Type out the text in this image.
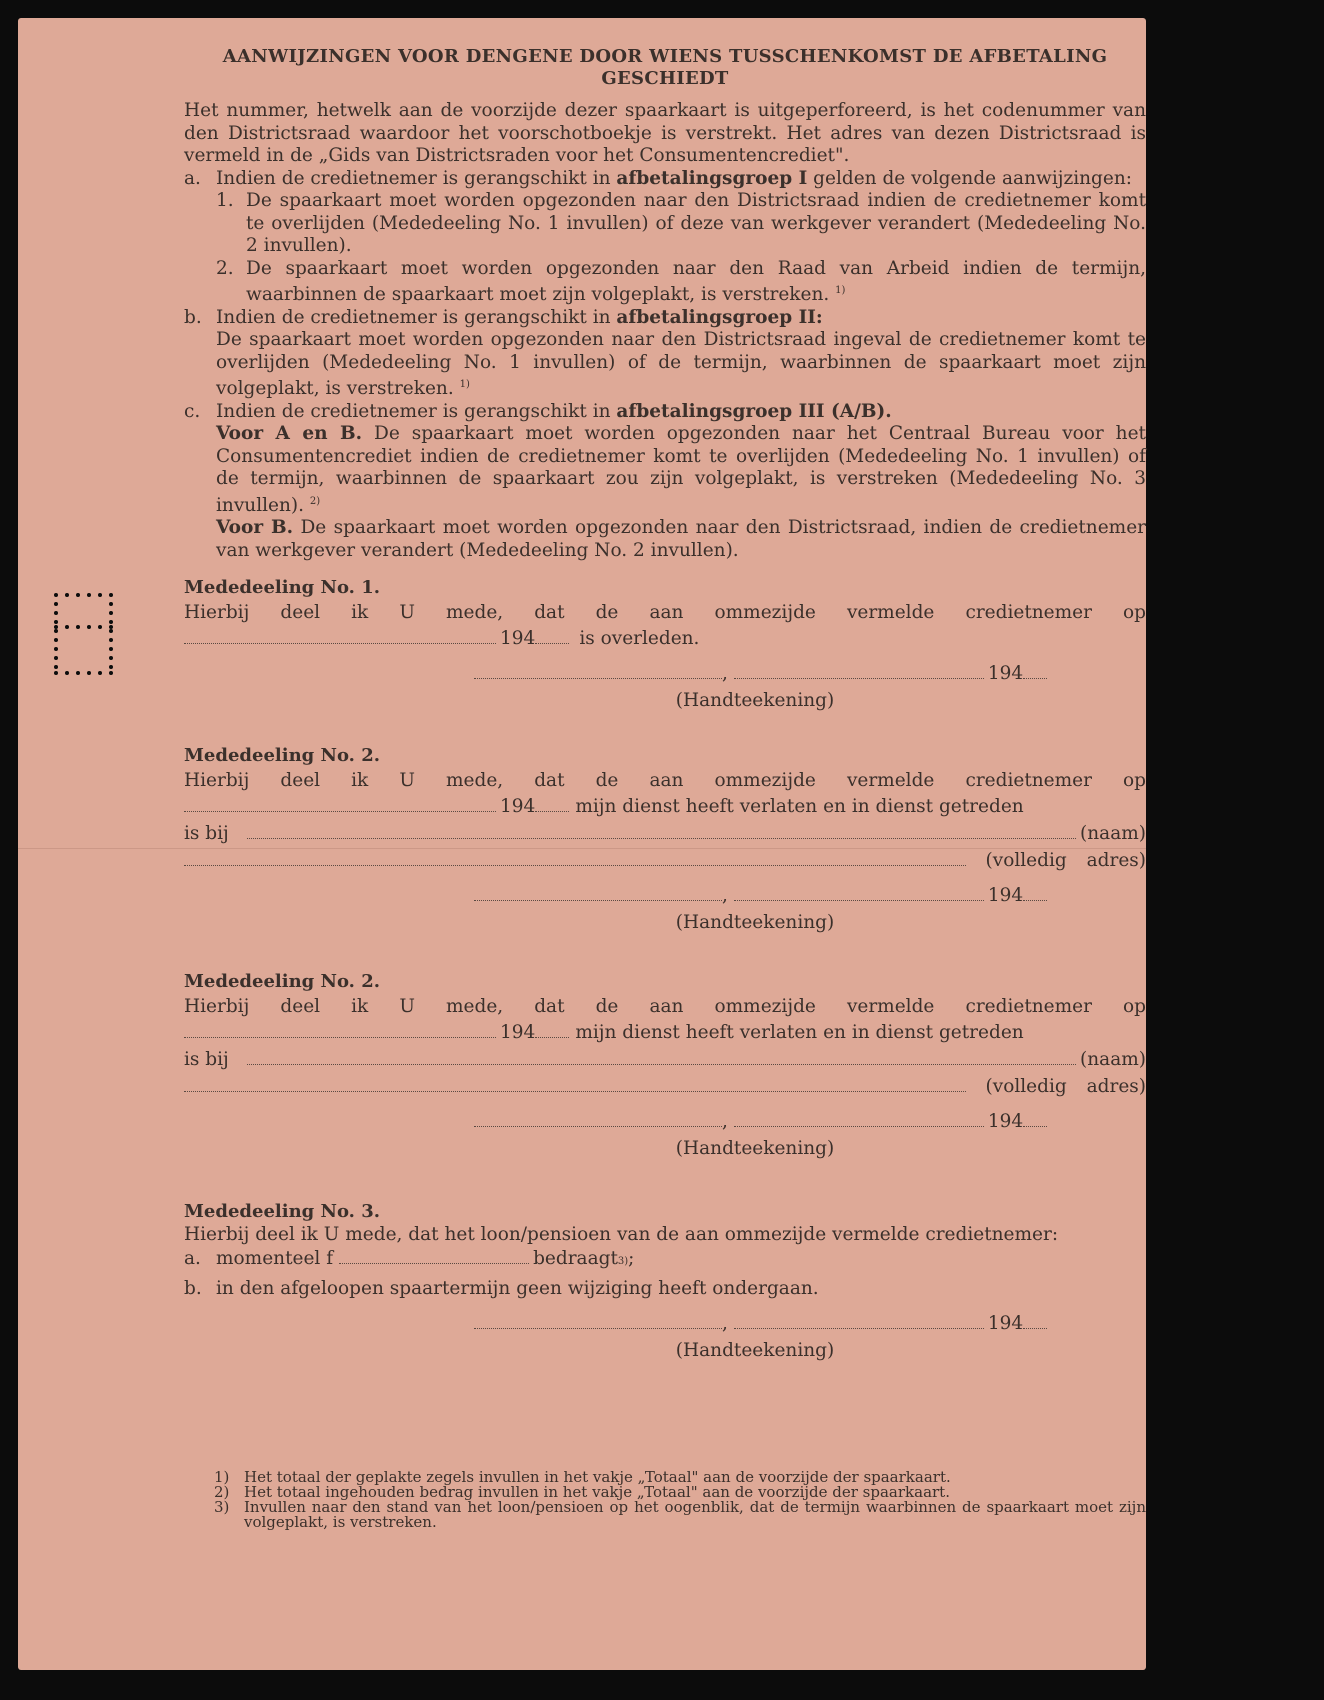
AANWIJZINGEN VOOR DENGENE DOOR WIENS TUSSCHENKOMST DE AFBETALING GESCHIEDT

Het nummer, hetwelk aan de voorzijde dezer spaarkaart is uitgeperforeerd, is het codenummer van den Districtsraad waardoor het voorschotboekje is verstrekt. Het adres van dezen Districtsraad is vermeld in de „Gids van Districtsraden voor het Consumentencrediet".

a. Indien de credietnemer is gerangschikt in afbetalingsgroep I gelden de volgende aanwijzingen:
1. De spaarkaart moet worden opgezonden naar den Districtsraad indien de credietnemer komt te overlijden (Mededeeling No. 1 invullen) of deze van werkgever verandert (Mededeeling No. 2 invullen).
2. De spaarkaart moet worden opgezonden naar den Raad van Arbeid indien de termijn, waarbinnen de spaarkaart moet zijn volgeplakt, is verstreken. $^{1)}$
b. Indien de credietnemer is gerangschikt in afbetalingsgroep II:
De spaarkaart moet worden opgezonden naar den Districtsraad ingeval de credietnemer komt te overlijden (Mededeeling No. 1 invullen) of de termijn, waarbinnen de spaarkaart moet zijn volgeplakt, is verstreken. $^{1)}$
c. Indien de credietnemer is gerangschikt in afbetalingsgroep III (A/B).
Voor A en B. De spaarkaart moet worden opgezonden naar het Centraal Bureau voor het Consumentencrediet indien de credietnemer komt te overlijden (Mededeeling No. 1 invullen) of de termijn, waarbinnen de spaarkaart zou zijn volgeplakt, is verstreken (Mededeeling No. 3 invullen). $^{2)}$
Voor B. De spaarkaart moet worden opgezonden naar den Districtsraad, indien de credietnemer van werkgever verandert (Mededeeling No. 2 invullen).
Mededeeling No. 1.
Hierbij deel ik U mede, dat de aan ommezijde vermelde credietnemer op
194 is overleden.
,	194
(Handteekening)
Mededeeling No. 2.
Hierbij deel ik U mede, dat de aan ommezijde vermelde credietnemer op
194 mijn dienst heeft verlaten en in dienst getreden
is bij	(naam)
(volledig adres)
,	194
(Handteekening)
Mededeeling No. 2.
Hierbij deel ik U mede, dat de aan ommezijde vermelde credietnemer op
194 mijn dienst heeft verlaten en in dienst getreden
is bij	(naam)
(volledig adres)
,	194
(Handteekening)
Mededeeling No. 3.
Hierbij deel ik U mede, dat het loon/pensioen van de aan ommezijde vermelde credietnemer:
a. momenteel f	bedraagt 3) ;
b. in den afgeloopen spaartermijn geen wijziging heeft ondergaan.
,	194
(Handteekening)
1) Het totaal der geplakte zegels invullen in het vakje „Totaal" aan de voorzijde der spaarkaart.
2) Het totaal ingehouden bedrag invullen in het vakje „Totaal" aan de voorzijde der spaarkaart.
3) Invullen naar den stand van het loon/pensioen op het oogenblik, dat de termijn waarbinnen de spaarkaart moet zijn volgeplakt, is verstreken.
